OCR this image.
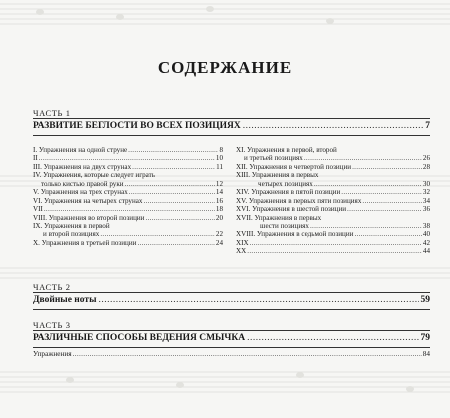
СОДЕРЖАНИЕ
ЧАСТЬ 1
РАЗВИТИЕ БЕГЛОСТИ ВО ВСЕХ ПОЗИЦИЯХ .....	7
I. Упражнения на одной струне .....	8
II .....	10
III. Упражнения на двух струнах .....	11
IV. Упражнения, которые следует играть
только кистью правой руки .....	12
V. Упражнения на трех струнах .....	14
VI. Упражнения на четырех струнах .....	16
VII .....	18
VIII. Упражнения во второй позиции .....	20
IX. Упражнения в первой
и второй позициях .....	22
X. Упражнения в третьей позиции .....	24
XI. Упражнения в первой, второй
и третьей позициях .....	26
XII. Упражнения в четвертой позиции .....	28
XIII. Упражнения в первых
четырех позициях .....	30
XIV. Упражнения в пятой позиции .....	32
XV. Упражнения в первых пяти позициях .....	34
XVI. Упражнения в шестой позиции .....	36
XVII. Упражнения в первых
шести позициях .....	38
XVIII. Упражнения в седьмой позиции .....	40
XIX .....	42
XX .....	44
ЧАСТЬ 2
Двойные ноты .....	59
ЧАСТЬ 3
РАЗЛИЧНЫЕ СПОСОБЫ ВЕДЕНИЯ СМЫЧКА .....	79
Упражнения .....	84
